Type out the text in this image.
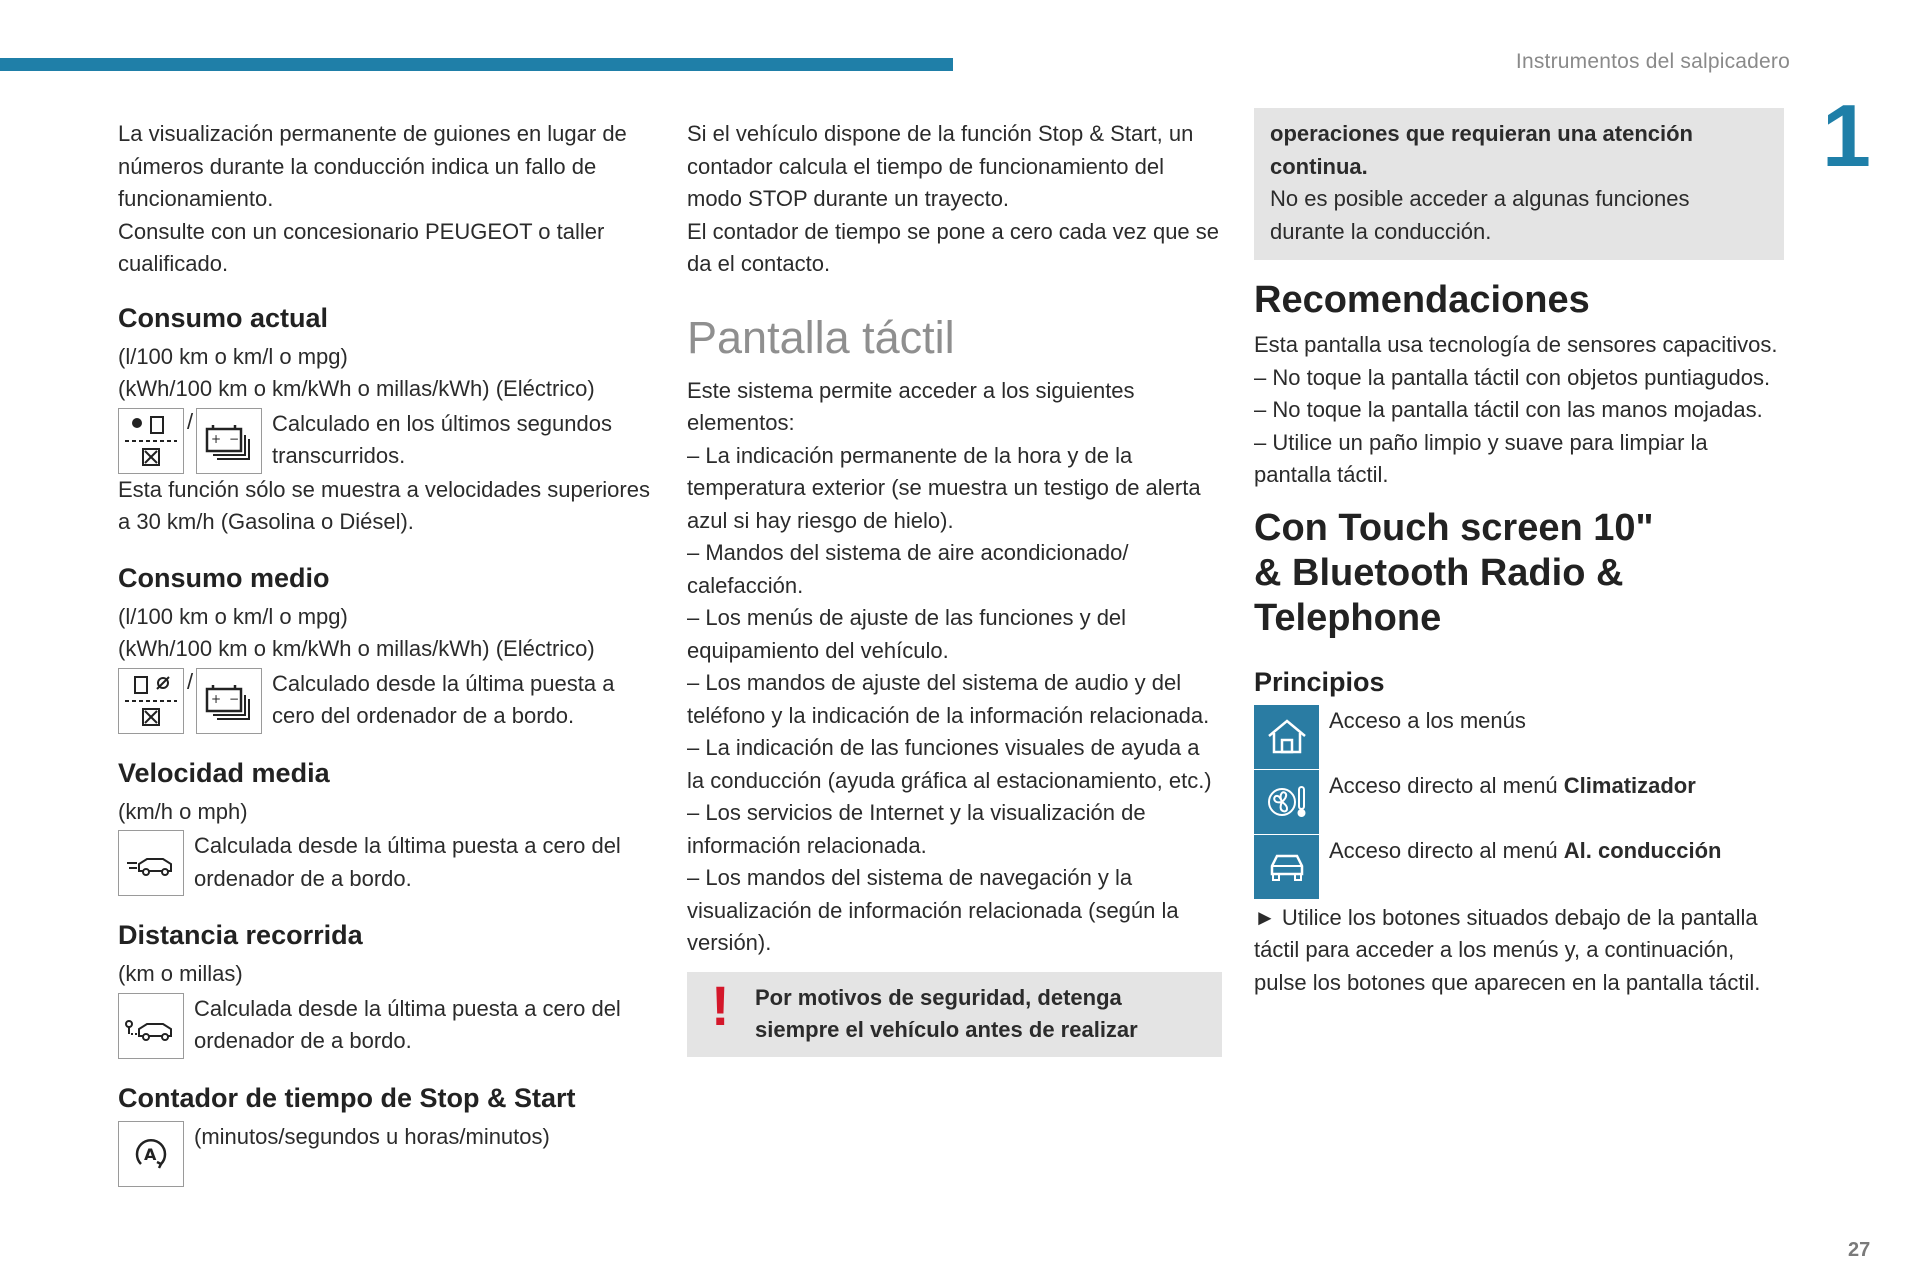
Instrumentos del salpicadero
1
27

La visualización permanente de guiones en lugar de números durante la conducción indica un fallo de funcionamiento.

Consulte con un concesionario PEUGEOT o taller cualificado.

Consumo actual

(l/100 km o km/l o mpg)

(kWh/100 km o km/kWh o millas/kWh) (Eléctrico)

/
+ −

Calculado en los últimos segundos transcurridos.

Esta función sólo se muestra a velocidades superiores a 30 km/h (Gasolina o Diésel).

Consumo medio

(l/100 km o km/l o mpg)

(kWh/100 km o km/kWh o millas/kWh) (Eléctrico)

/
+ −

Calculado desde la última puesta a cero del ordenador de a bordo.

Velocidad media

(km/h o mph)

Calculada desde la última puesta a cero del ordenador de a bordo.

Distancia recorrida

(km o millas)

Calculada desde la última puesta a cero del ordenador de a bordo.

Contador de tiempo de Stop & Start
A

(minutos/segundos u horas/minutos)

Si el vehículo dispone de la función Stop & Start, un contador calcula el tiempo de funcionamiento del modo STOP durante un trayecto.

El contador de tiempo se pone a cero cada vez que se da el contacto.

Pantalla táctil

Este sistema permite acceder a los siguientes elementos:

– La indicación permanente de la hora y de la temperatura exterior (se muestra un testigo de alerta azul si hay riesgo de hielo).

– Mandos del sistema de aire acondicionado/ calefacción.

– Los menús de ajuste de las funciones y del equipamiento del vehículo.

– Los mandos de ajuste del sistema de audio y del teléfono y la indicación de la información relacionada.

– La indicación de las funciones visuales de ayuda a la conducción (ayuda gráfica al estacionamiento, etc.)

– Los servicios de Internet y la visualización de información relacionada.

– Los mandos del sistema de navegación y la visualización de información relacionada (según la versión).

! Por motivos de seguridad, detenga siempre el vehículo antes de realizar

operaciones que requieran una atención continua.

No es posible acceder a algunas funciones durante la conducción.

Recomendaciones

Esta pantalla usa tecnología de sensores capacitivos.

– No toque la pantalla táctil con objetos puntiagudos.

– No toque la pantalla táctil con las manos mojadas.

– Utilice un paño limpio y suave para limpiar la pantalla táctil.

Con Touch screen 10"
& Bluetooth Radio &
Telephone
Principios

Acceso a los menús

Acceso directo al menú Climatizador

Acceso directo al menú Al. conducción

► Utilice los botones situados debajo de la pantalla táctil para acceder a los menús y, a continuación, pulse los botones que aparecen en la pantalla táctil.
